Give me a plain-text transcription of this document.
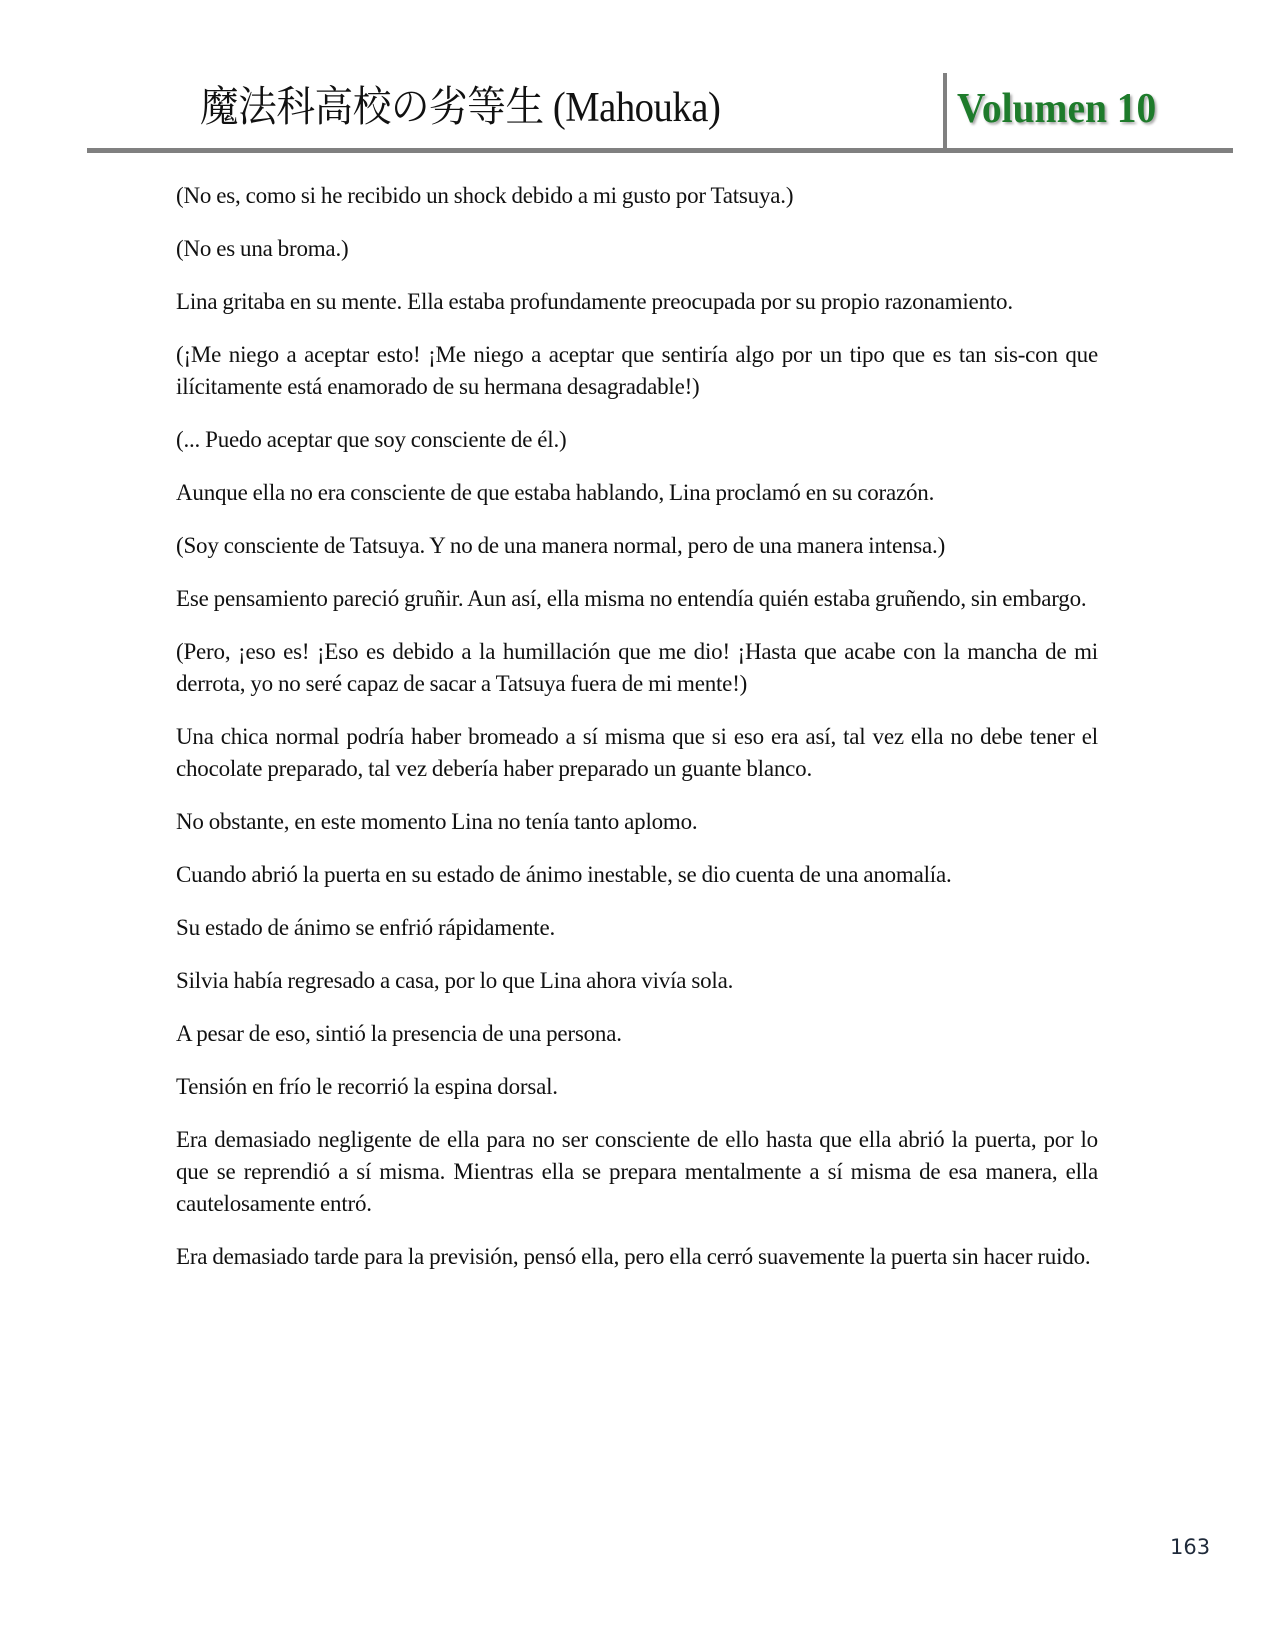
魔法科高校の劣等生 (Mahouka)	Volumen 10

(No es, como si he recibido un shock debido a mi gusto por Tatsuya.)

(No es una broma.)

Lina gritaba en su mente. Ella estaba profundamente preocupada por su propio razonamiento.

(¡Me niego a aceptar esto! ¡Me niego a aceptar que sentiría algo por un tipo que es tan sis-con que ilícitamente está enamorado de su hermana desagradable!)

(... Puedo aceptar que soy consciente de él.)

Aunque ella no era consciente de que estaba hablando, Lina proclamó en su corazón.

(Soy consciente de Tatsuya. Y no de una manera normal, pero de una manera intensa.)

Ese pensamiento pareció gruñir. Aun así, ella misma no entendía quién estaba gruñendo, sin embargo.

(Pero, ¡eso es! ¡Eso es debido a la humillación que me dio! ¡Hasta que acabe con la mancha de mi derrota, yo no seré capaz de sacar a Tatsuya fuera de mi mente!)

Una chica normal podría haber bromeado a sí misma que si eso era así, tal vez ella no debe tener el chocolate preparado, tal vez debería haber preparado un guante blanco.

No obstante, en este momento Lina no tenía tanto aplomo.

Cuando abrió la puerta en su estado de ánimo inestable, se dio cuenta de una anomalía.

Su estado de ánimo se enfrió rápidamente.

Silvia había regresado a casa, por lo que Lina ahora vivía sola.

A pesar de eso, sintió la presencia de una persona.

Tensión en frío le recorrió la espina dorsal.

Era demasiado negligente de ella para no ser consciente de ello hasta que ella abrió la puerta, por lo que se reprendió a sí misma. Mientras ella se prepara mentalmente a sí misma de esa manera, ella cautelosamente entró.

Era demasiado tarde para la previsión, pensó ella, pero ella cerró suavemente la puerta sin hacer ruido.

163
